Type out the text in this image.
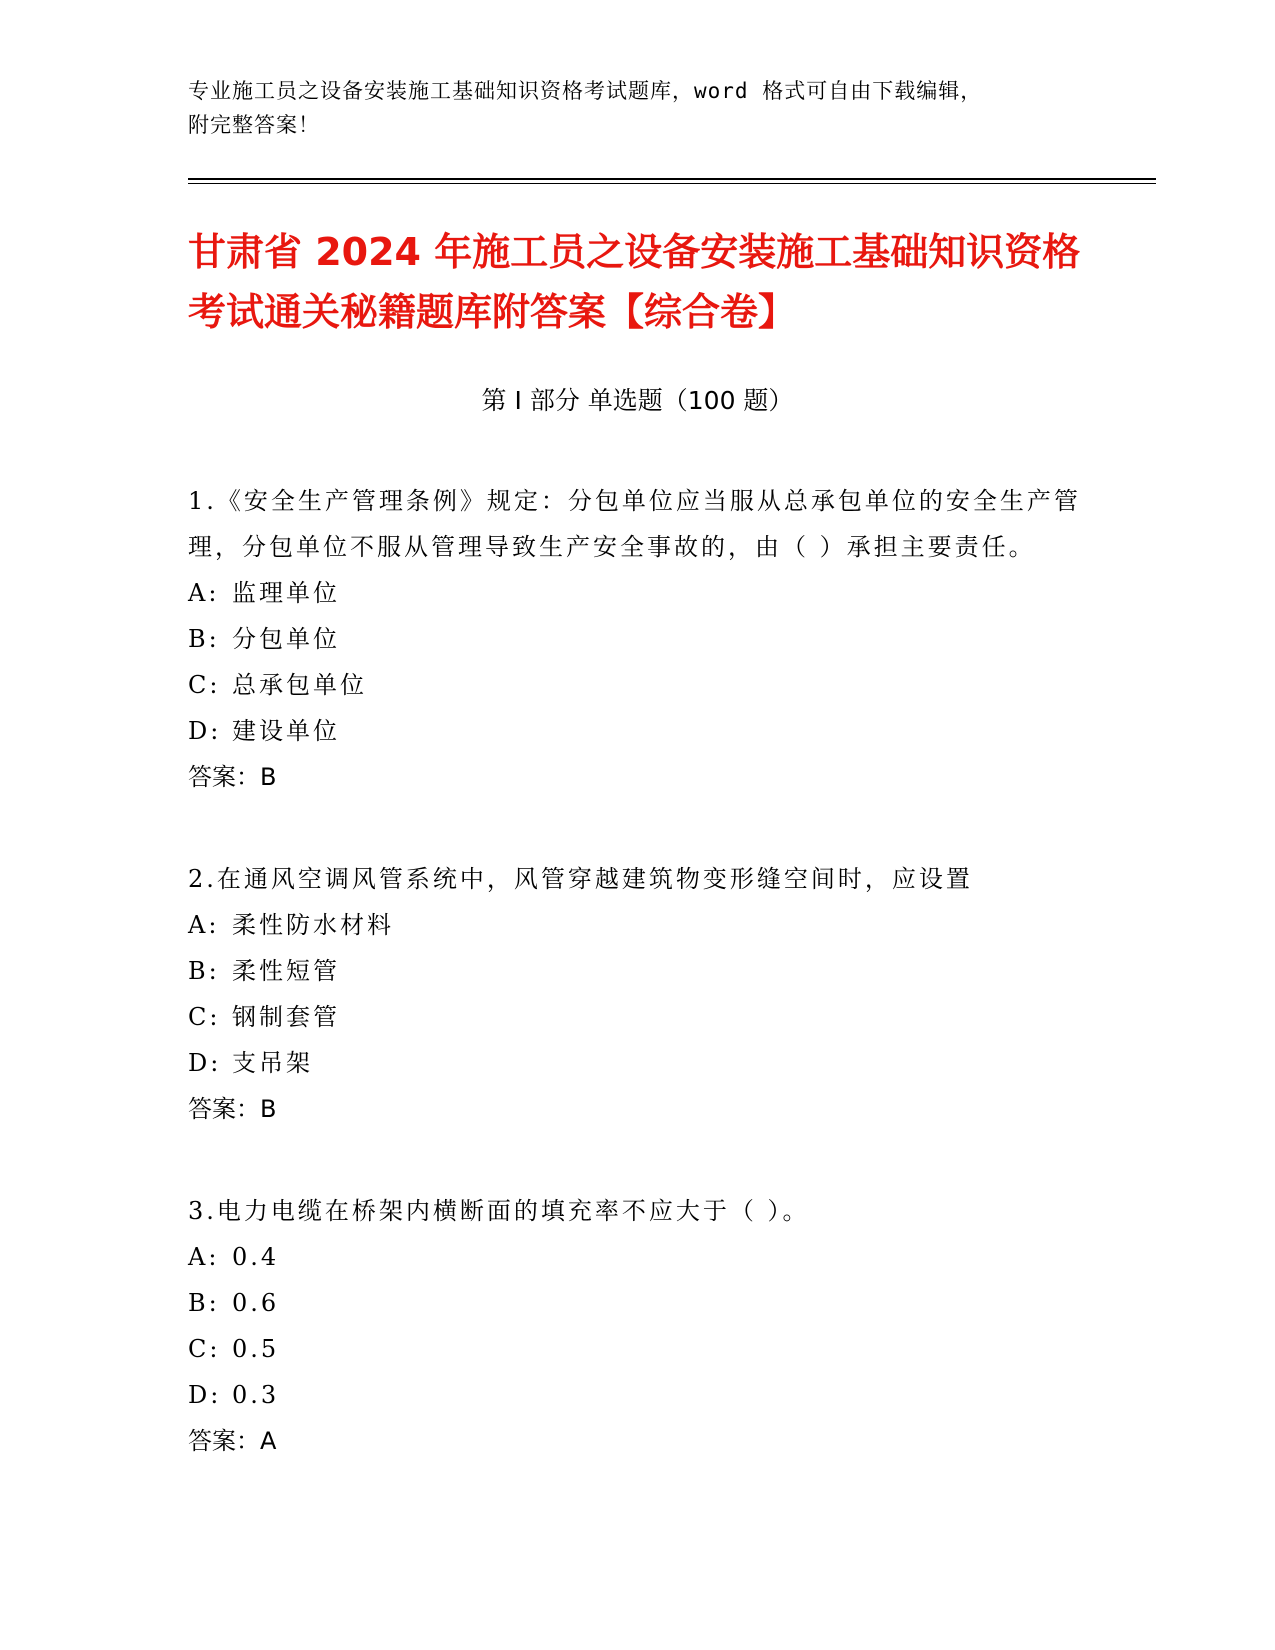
专业施工员之设备安装施工基础知识资格考试题库，word 格式可自由下载编辑，
附完整答案！
甘肃省 2024 年施工员之设备安装施工基础知识资格考试通关秘籍题库附答案【综合卷】
第 I 部分 单选题（100 题）

1.《安全生产管理条例》规定：分包单位应当服从总承包单位的安全生产管理，分包单位不服从管理导致生产安全事故的，由（ ）承担主要责任。

A: 监理单位

B: 分包单位

C: 总承包单位

D: 建设单位

答案：B

2.在通风空调风管系统中，风管穿越建筑物变形缝空间时，应设置

A: 柔性防水材料

B: 柔性短管

C: 钢制套管

D: 支吊架

答案：B

3.电力电缆在桥架内横断面的填充率不应大于（ ）。

A: 0.4

B: 0.6

C: 0.5

D: 0.3

答案：A
